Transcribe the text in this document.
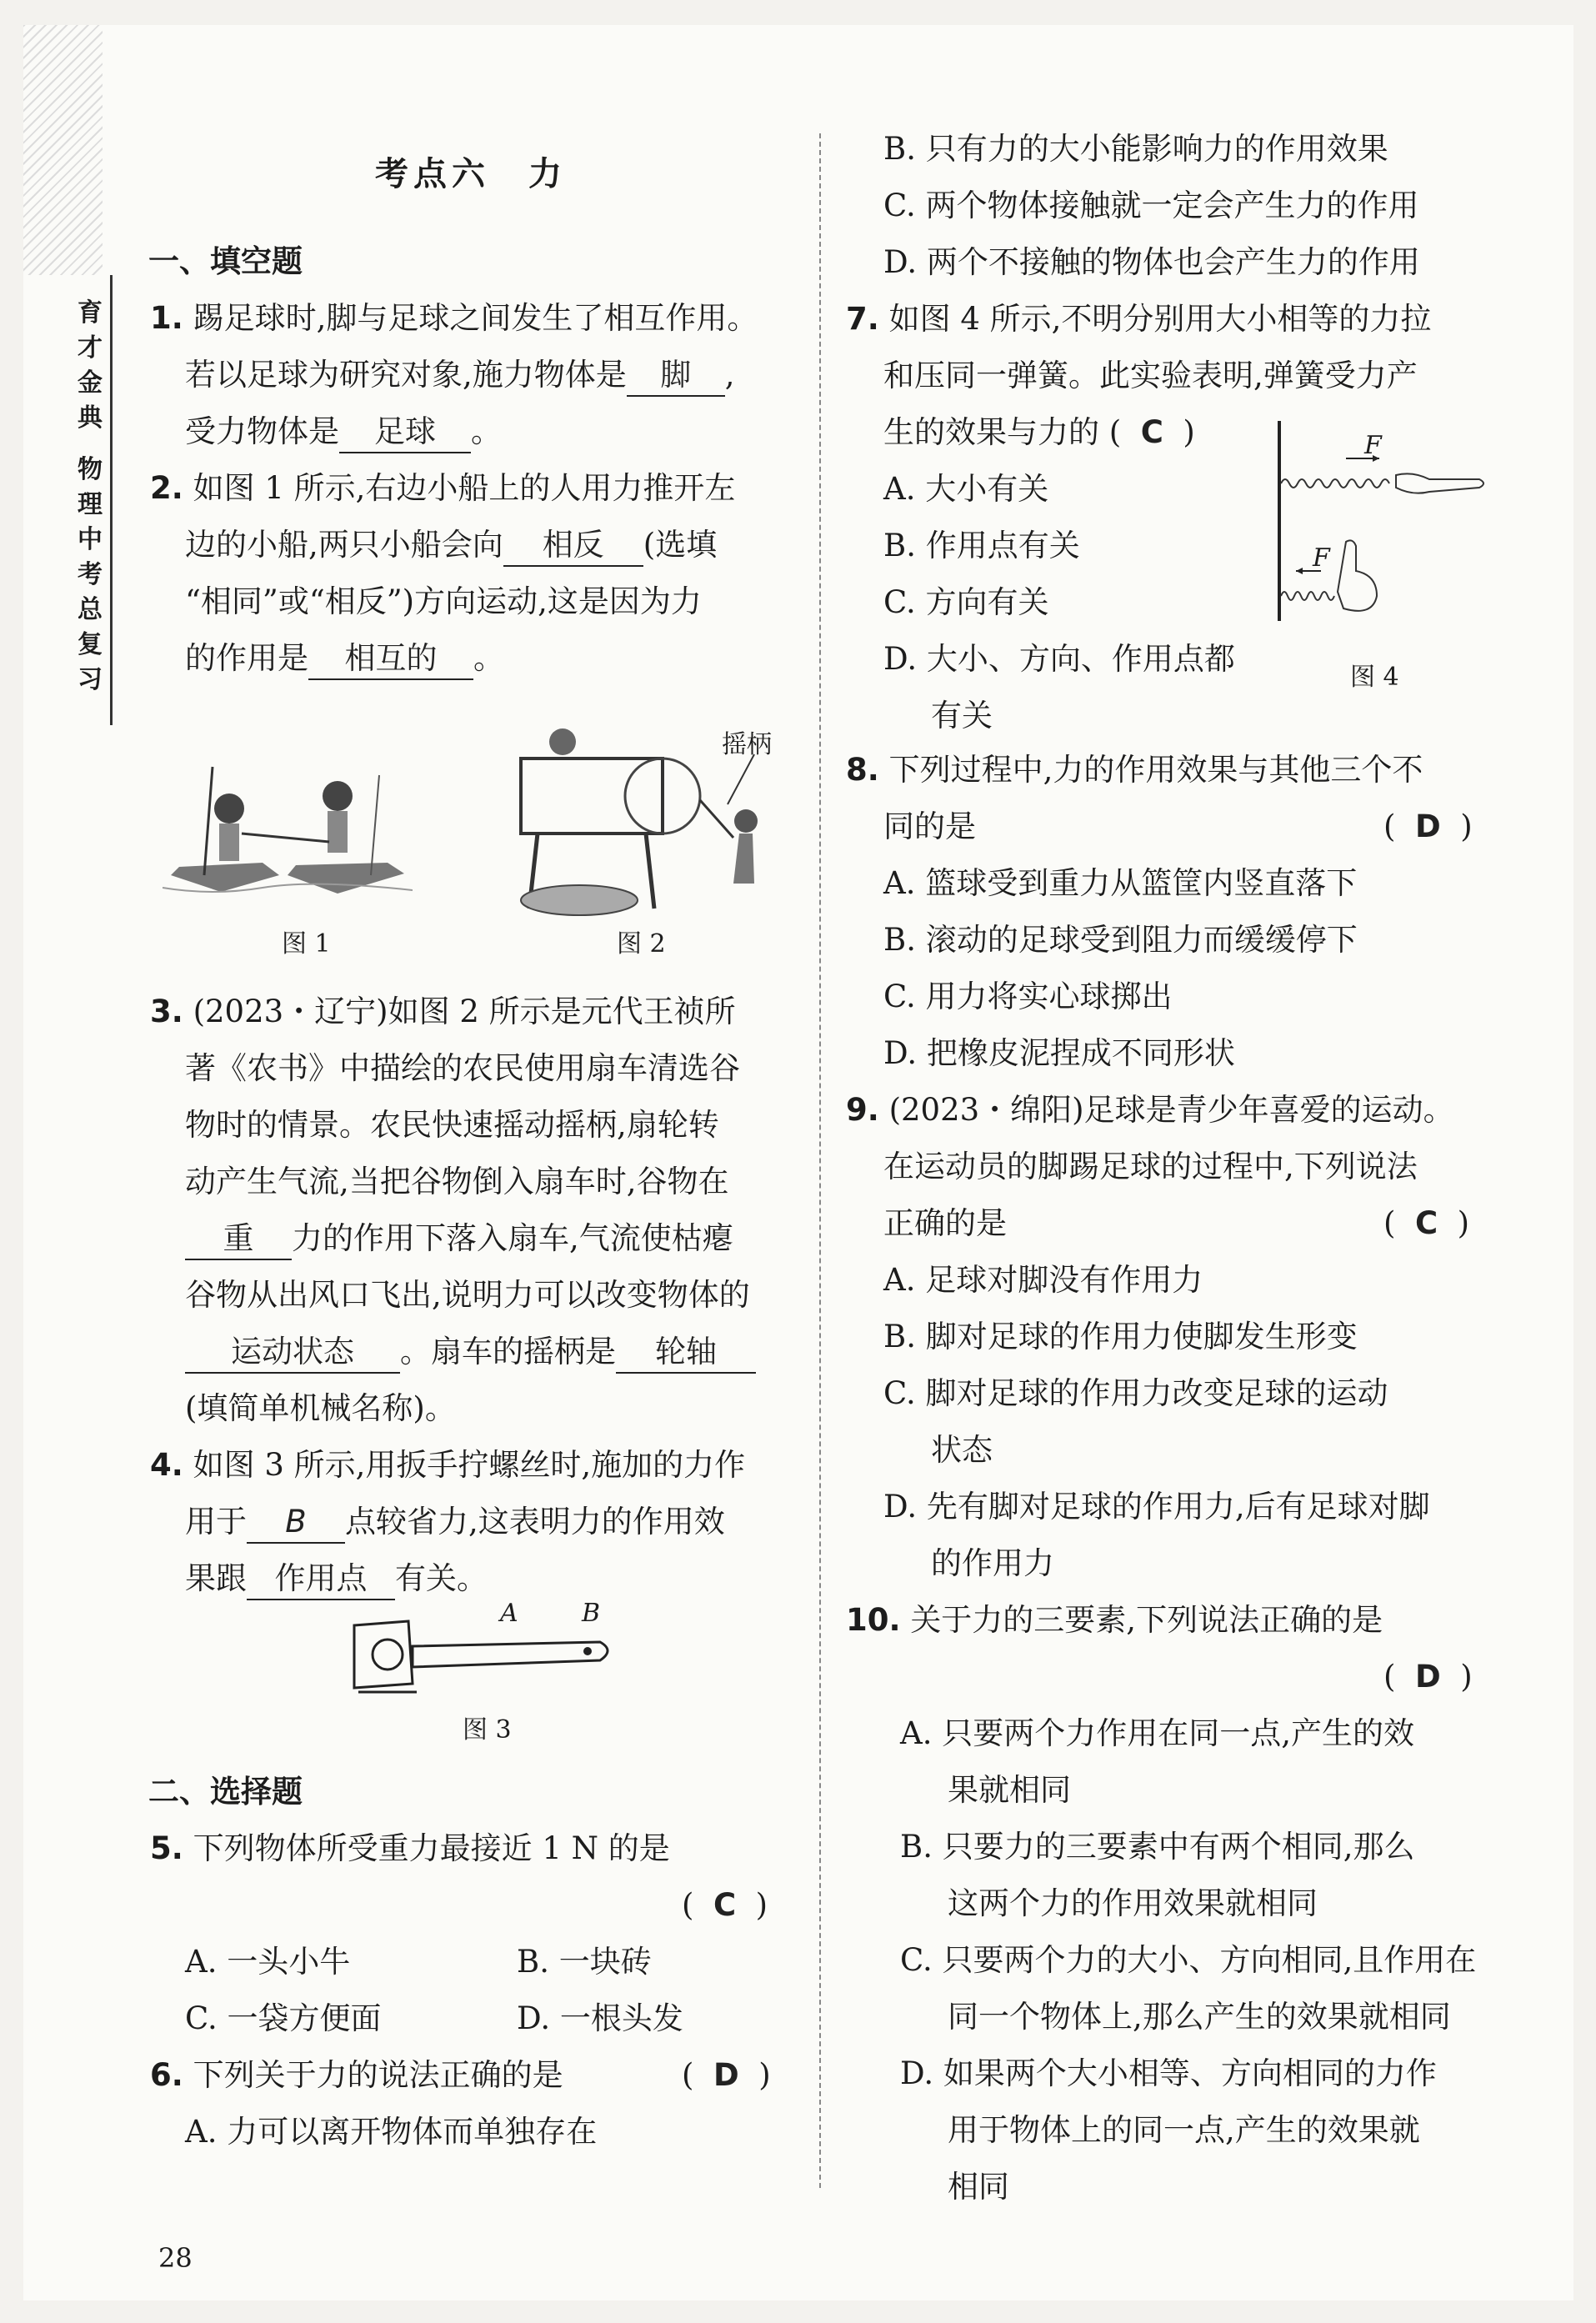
育
才
金
典
物
理
中
考
总
复
习
考点六　力
一、填空题
1. 踢足球时,脚与足球之间发生了相互作用。
若以足球为研究对象,施力物体是 脚 ,
受力物体是 足球 。
2. 如图 1 所示,右边小船上的人用力推开左
边的小船,两只小船会向 相反 (选填
“相同”或“相反”)方向运动,这是因为力
的作用是 相互的 。
图 1
摇柄
图 2
3. (2023・辽宁)如图 2 所示是元代王祯所
著《农书》中描绘的农民使用扇车清选谷
物时的情景。农民快速摇动摇柄,扇轮转
动产生气流,当把谷物倒入扇车时,谷物在
重 力的作用下落入扇车,气流使枯瘪
谷物从出风口飞出,说明力可以改变物体的
运动状态 。扇车的摇柄是 轮轴
(填简单机械名称)。
4. 如图 3 所示,用扳手拧螺丝时,施加的力作
用于 B 点较省力,这表明力的作用效
果跟 作用点 有关。
A	B
图 3
二、选择题
5. 下列物体所受重力最接近 1 N 的是
(  C  )
A. 一头小牛	B. 一块砖
C. 一袋方便面	D. 一根头发
6. 下列关于力的说法正确的是	(  D  )
A. 力可以离开物体而单独存在
B. 只有力的大小能影响力的作用效果
C. 两个物体接触就一定会产生力的作用
D. 两个不接触的物体也会产生力的作用
7. 如图 4 所示,不明分别用大小相等的力拉
和压同一弹簧。此实验表明,弹簧受力产
生的效果与力的 (  C  )
A. 大小有关
B. 作用点有关
C. 方向有关
D. 大小、方向、作用点都
有关
F
F
图 4
8. 下列过程中,力的作用效果与其他三个不
同的是	(  D  )
A. 篮球受到重力从篮筐内竖直落下
B. 滚动的足球受到阻力而缓缓停下
C. 用力将实心球掷出
D. 把橡皮泥捏成不同形状
9. (2023・绵阳)足球是青少年喜爱的运动。
在运动员的脚踢足球的过程中,下列说法
正确的是	(  C  )
A. 足球对脚没有作用力
B. 脚对足球的作用力使脚发生形变
C. 脚对足球的作用力改变足球的运动
状态
D. 先有脚对足球的作用力,后有足球对脚
的作用力
10. 关于力的三要素,下列说法正确的是
(  D  )
A. 只要两个力作用在同一点,产生的效
果就相同
B. 只要力的三要素中有两个相同,那么
这两个力的作用效果就相同
C. 只要两个力的大小、方向相同,且作用在
同一个物体上,那么产生的效果就相同
D. 如果两个大小相等、方向相同的力作
用于物体上的同一点,产生的效果就
相同
28
